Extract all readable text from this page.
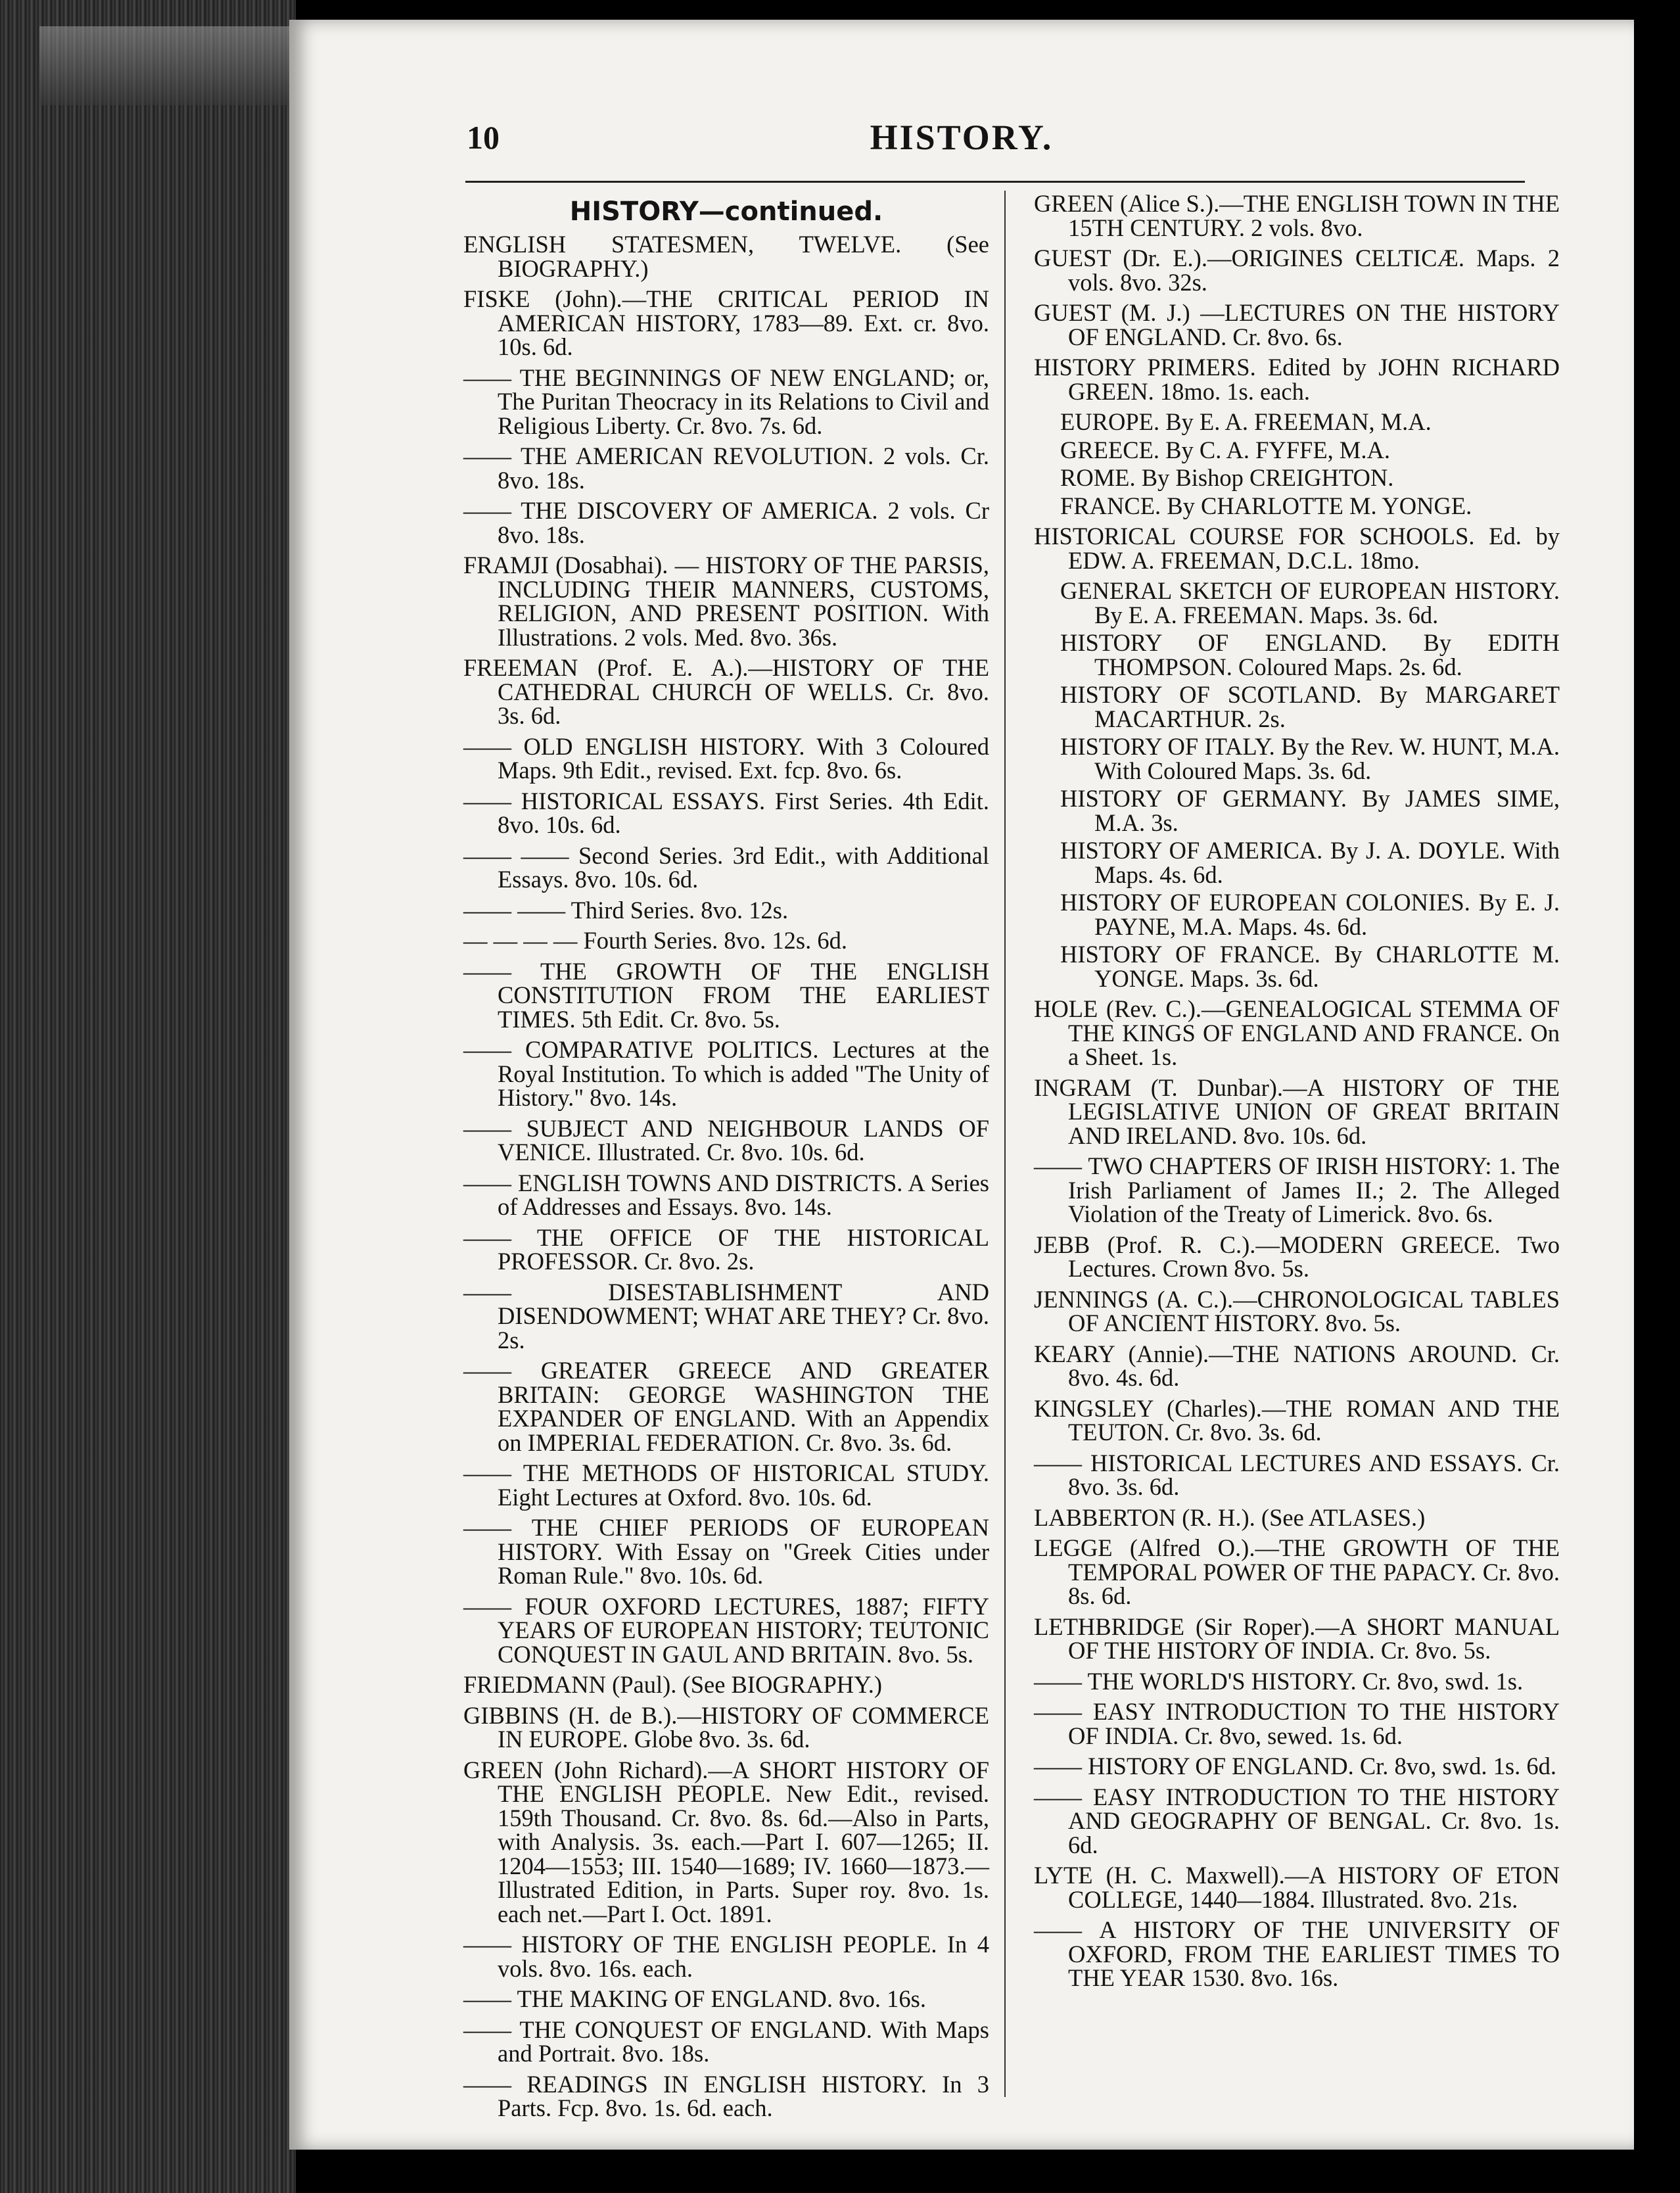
10	HISTORY.
HISTORY—continued.
ENGLISH STATESMEN, TWELVE. (See BIOGRAPHY.)
FISKE (John).—THE CRITICAL PERIOD IN AMERICAN HISTORY, 1783—89. Ext. cr. 8vo. 10s. 6d.
—— THE BEGINNINGS OF NEW ENGLAND; or, The Puritan Theocracy in its Relations to Civil and Religious Liberty. Cr. 8vo. 7s. 6d.
—— THE AMERICAN REVOLUTION. 2 vols. Cr. 8vo. 18s.
—— THE DISCOVERY OF AMERICA. 2 vols. Cr 8vo. 18s.
FRAMJI (Dosabhai). — HISTORY OF THE PARSIS, INCLUDING THEIR MANNERS, CUSTOMS, RELIGION, AND PRESENT POSITION. With Illustrations. 2 vols. Med. 8vo. 36s.
FREEMAN (Prof. E. A.).—HISTORY OF THE CATHEDRAL CHURCH OF WELLS. Cr. 8vo. 3s. 6d.
—— OLD ENGLISH HISTORY. With 3 Coloured Maps. 9th Edit., revised. Ext. fcp. 8vo. 6s.
—— HISTORICAL ESSAYS. First Series. 4th Edit. 8vo. 10s. 6d.
—— —— Second Series. 3rd Edit., with Additional Essays. 8vo. 10s. 6d.
—— —— Third Series. 8vo. 12s.
— — — — Fourth Series. 8vo. 12s. 6d.
—— THE GROWTH OF THE ENGLISH CONSTITUTION FROM THE EARLIEST TIMES. 5th Edit. Cr. 8vo. 5s.
—— COMPARATIVE POLITICS. Lectures at the Royal Institution. To which is added "The Unity of History." 8vo. 14s.
—— SUBJECT AND NEIGHBOUR LANDS OF VENICE. Illustrated. Cr. 8vo. 10s. 6d.
—— ENGLISH TOWNS AND DISTRICTS. A Series of Addresses and Essays. 8vo. 14s.
—— THE OFFICE OF THE HISTORICAL PROFESSOR. Cr. 8vo. 2s.
—— DISESTABLISHMENT AND DISENDOWMENT; WHAT ARE THEY? Cr. 8vo. 2s.
—— GREATER GREECE AND GREATER BRITAIN: GEORGE WASHINGTON THE EXPANDER OF ENGLAND. With an Appendix on IMPERIAL FEDERATION. Cr. 8vo. 3s. 6d.
—— THE METHODS OF HISTORICAL STUDY. Eight Lectures at Oxford. 8vo. 10s. 6d.
—— THE CHIEF PERIODS OF EUROPEAN HISTORY. With Essay on "Greek Cities under Roman Rule." 8vo. 10s. 6d.
—— FOUR OXFORD LECTURES, 1887; FIFTY YEARS OF EUROPEAN HISTORY; TEUTONIC CONQUEST IN GAUL AND BRITAIN. 8vo. 5s.
FRIEDMANN (Paul). (See BIOGRAPHY.)
GIBBINS (H. de B.).—HISTORY OF COMMERCE IN EUROPE. Globe 8vo. 3s. 6d.
GREEN (John Richard).—A SHORT HISTORY OF THE ENGLISH PEOPLE. New Edit., revised. 159th Thousand. Cr. 8vo. 8s. 6d.—Also in Parts, with Analysis. 3s. each.—Part I. 607—1265; II. 1204—1553; III. 1540—1689; IV. 1660—1873.—Illustrated Edition, in Parts. Super roy. 8vo. 1s. each net.—Part I. Oct. 1891.
—— HISTORY OF THE ENGLISH PEOPLE. In 4 vols. 8vo. 16s. each.
—— THE MAKING OF ENGLAND. 8vo. 16s.
—— THE CONQUEST OF ENGLAND. With Maps and Portrait. 8vo. 18s.
—— READINGS IN ENGLISH HISTORY. In 3 Parts. Fcp. 8vo. 1s. 6d. each.
GREEN (Alice S.).—THE ENGLISH TOWN IN THE 15TH CENTURY. 2 vols. 8vo.
GUEST (Dr. E.).—ORIGINES CELTICÆ. Maps. 2 vols. 8vo. 32s.
GUEST (M. J.) —LECTURES ON THE HISTORY OF ENGLAND. Cr. 8vo. 6s.
HISTORY PRIMERS. Edited by JOHN RICHARD GREEN. 18mo. 1s. each.
EUROPE. By E. A. FREEMAN, M.A.
GREECE. By C. A. FYFFE, M.A.
ROME. By Bishop CREIGHTON.
FRANCE. By CHARLOTTE M. YONGE.
HISTORICAL COURSE FOR SCHOOLS. Ed. by EDW. A. FREEMAN, D.C.L. 18mo.
GENERAL SKETCH OF EUROPEAN HISTORY. By E. A. FREEMAN. Maps. 3s. 6d.
HISTORY OF ENGLAND. By EDITH THOMPSON. Coloured Maps. 2s. 6d.
HISTORY OF SCOTLAND. By MARGARET MACARTHUR. 2s.
HISTORY OF ITALY. By the Rev. W. HUNT, M.A. With Coloured Maps. 3s. 6d.
HISTORY OF GERMANY. By JAMES SIME, M.A. 3s.
HISTORY OF AMERICA. By J. A. DOYLE. With Maps. 4s. 6d.
HISTORY OF EUROPEAN COLONIES. By E. J. PAYNE, M.A. Maps. 4s. 6d.
HISTORY OF FRANCE. By CHARLOTTE M. YONGE. Maps. 3s. 6d.
HOLE (Rev. C.).—GENEALOGICAL STEMMA OF THE KINGS OF ENGLAND AND FRANCE. On a Sheet. 1s.
INGRAM (T. Dunbar).—A HISTORY OF THE LEGISLATIVE UNION OF GREAT BRITAIN AND IRELAND. 8vo. 10s. 6d.
—— TWO CHAPTERS OF IRISH HISTORY: 1. The Irish Parliament of James II.; 2. The Alleged Violation of the Treaty of Limerick. 8vo. 6s.
JEBB (Prof. R. C.).—MODERN GREECE. Two Lectures. Crown 8vo. 5s.
JENNINGS (A. C.).—CHRONOLOGICAL TABLES OF ANCIENT HISTORY. 8vo. 5s.
KEARY (Annie).—THE NATIONS AROUND. Cr. 8vo. 4s. 6d.
KINGSLEY (Charles).—THE ROMAN AND THE TEUTON. Cr. 8vo. 3s. 6d.
—— HISTORICAL LECTURES AND ESSAYS. Cr. 8vo. 3s. 6d.
LABBERTON (R. H.). (See ATLASES.)
LEGGE (Alfred O.).—THE GROWTH OF THE TEMPORAL POWER OF THE PAPACY. Cr. 8vo. 8s. 6d.
LETHBRIDGE (Sir Roper).—A SHORT MANUAL OF THE HISTORY OF INDIA. Cr. 8vo. 5s.
—— THE WORLD'S HISTORY. Cr. 8vo, swd. 1s.
—— EASY INTRODUCTION TO THE HISTORY OF INDIA. Cr. 8vo, sewed. 1s. 6d.
—— HISTORY OF ENGLAND. Cr. 8vo, swd. 1s. 6d.
—— EASY INTRODUCTION TO THE HISTORY AND GEOGRAPHY OF BENGAL. Cr. 8vo. 1s. 6d.
LYTE (H. C. Maxwell).—A HISTORY OF ETON COLLEGE, 1440—1884. Illustrated. 8vo. 21s.
—— A HISTORY OF THE UNIVERSITY OF OXFORD, FROM THE EARLIEST TIMES TO THE YEAR 1530. 8vo. 16s.
